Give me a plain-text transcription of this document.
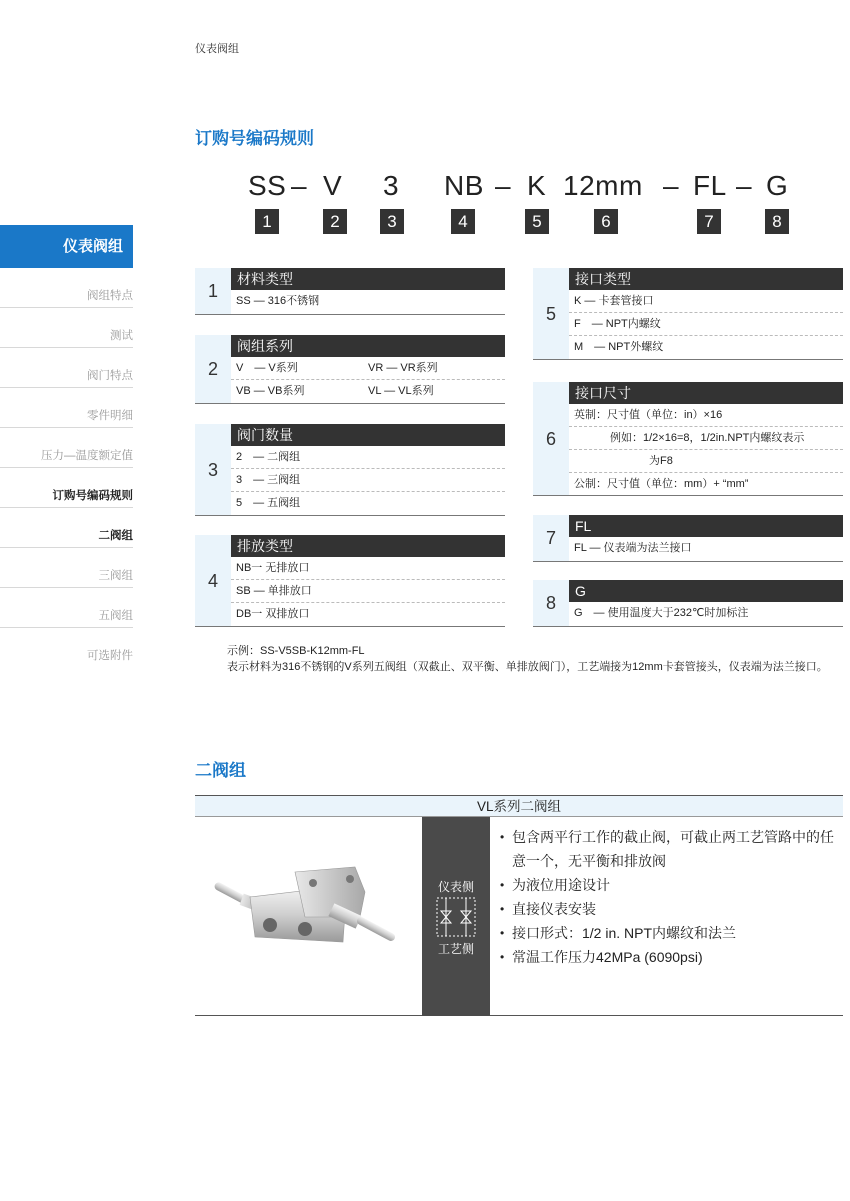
仪表阀组
仪表阀组
阀组特点
测试
阀门特点
零件明细
压力—温度额定值
订购号编码规则
二阀组
三阀组
五阀组
可选附件
订购号编码规则
SS – V 3 NB – K 12mm – FL – G
1	2	3	4	5	6	7	8
1
材料类型
SS — 316不锈钢
2
阀组系列
V　— V系列	VR — VR系列
VB — VB系列	VL — VL系列
3
阀门数量
2　— 二阀组
3　— 三阀组
5　— 五阀组
4
排放类型
NB一 无排放口
SB — 单排放口
DB一 双排放口
5
接口类型
K — 卡套管接口
F　— NPT内螺纹
M　— NPT外螺纹
6
接口尺寸
英制：尺寸值（单位：in）×16
例如：1/2×16=8，1/2in.NPT内螺纹表示
为F8
公制：尺寸值（单位：mm）+ “mm”
7
FL
FL — 仪表端为法兰接口
8
G
G　— 使用温度大于232℃时加标注
示例：SS-V5SB-K12mm-FL
表示材料为316不锈钢的V系列五阀组（双截止、双平衡、单排放阀门），工艺端接为12mm卡套管接头，仪表端为法兰接口。
二阀组
VL系列二阀组
仪表侧
工艺侧
• 包含两平行工作的截止阀，可截止两工艺管路中的任意一个，无平衡和排放阀
• 为液位用途设计
• 直接仪表安装
• 接口形式：1/2 in. NPT内螺纹和法兰
• 常温工作压力42MPa (6090psi)
